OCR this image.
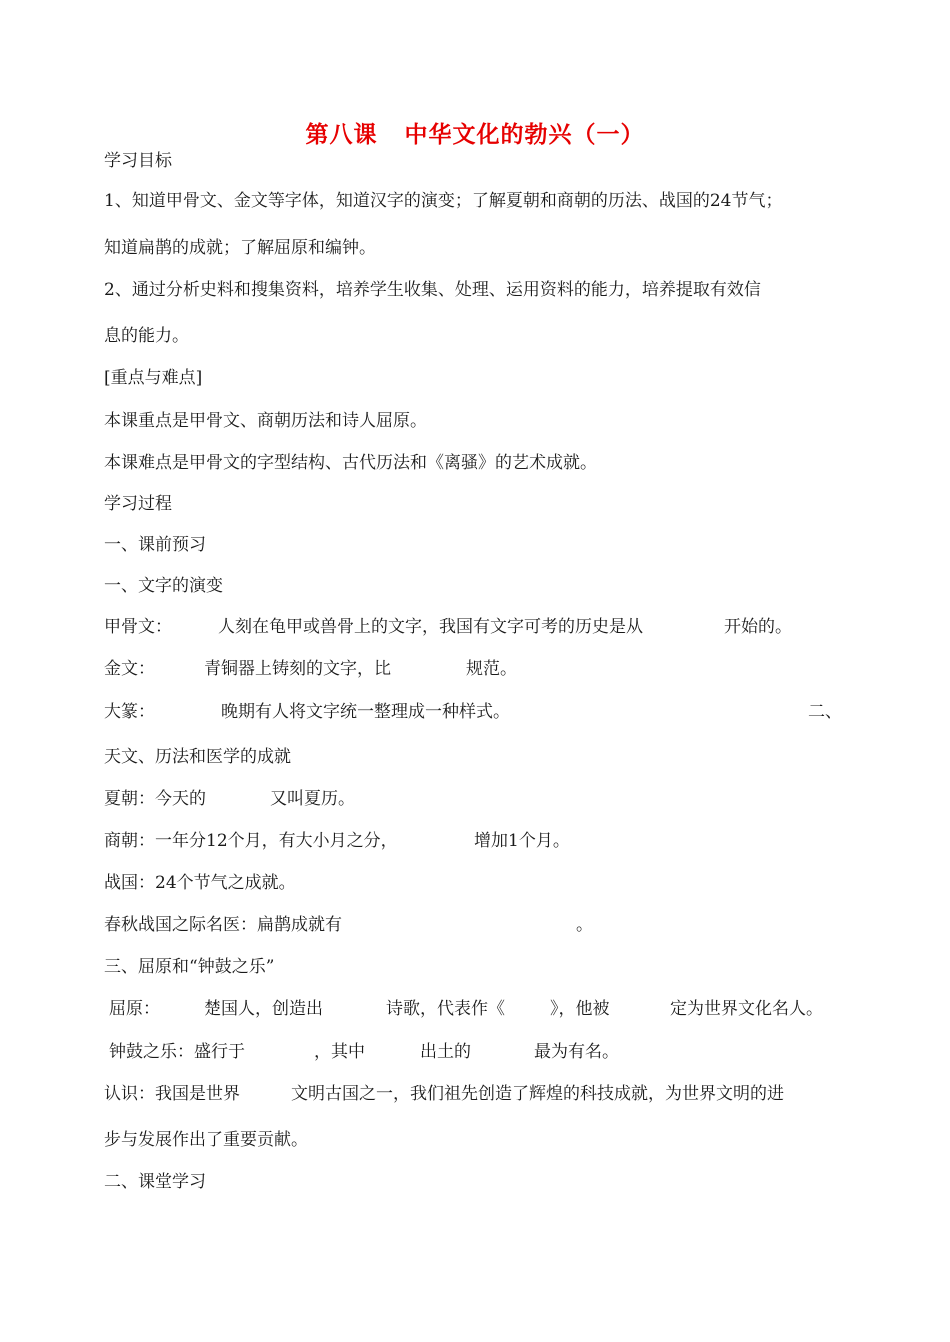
第八课   中华文化的勃兴（一）
学习目标
1、知道甲骨文、金文等字体，知道汉字的演变；了解夏朝和商朝的历法、战国的24节气；
知道扁鹊的成就；了解屈原和编钟。
2、通过分析史料和搜集资料，培养学生收集、处理、运用资料的能力，培养提取有效信
息的能力。
[重点与难点]
本课重点是甲骨文、商朝历法和诗人屈原。
本课难点是甲骨文的字型结构、古代历法和《离骚》的艺术成就。
学习过程
一、课前预习
一、文字的演变
甲骨文：	人刻在龟甲或兽骨上的文字，我国有文字可考的历史是从	开始的。
金文：	青铜器上铸刻的文字，比	规范。
大篆：	晚期有人将文字统一整理成一种样式。	二、
天文、历法和医学的成就
夏朝：今天的	又叫夏历。
商朝：一年分12个月，有大小月之分，	增加1个月。
战国：24个节气之成就。
春秋战国之际名医：扁鹊成就有	。
三、屈原和“钟鼓之乐”
屈原：	楚国人，创造出	诗歌，代表作《	》，他被	定为世界文化名人。
钟鼓之乐：盛行于	，其中	出土的	最为有名。
认识：我国是世界	文明古国之一，我们祖先创造了辉煌的科技成就，为世界文明的进
步与发展作出了重要贡献。
二、课堂学习
